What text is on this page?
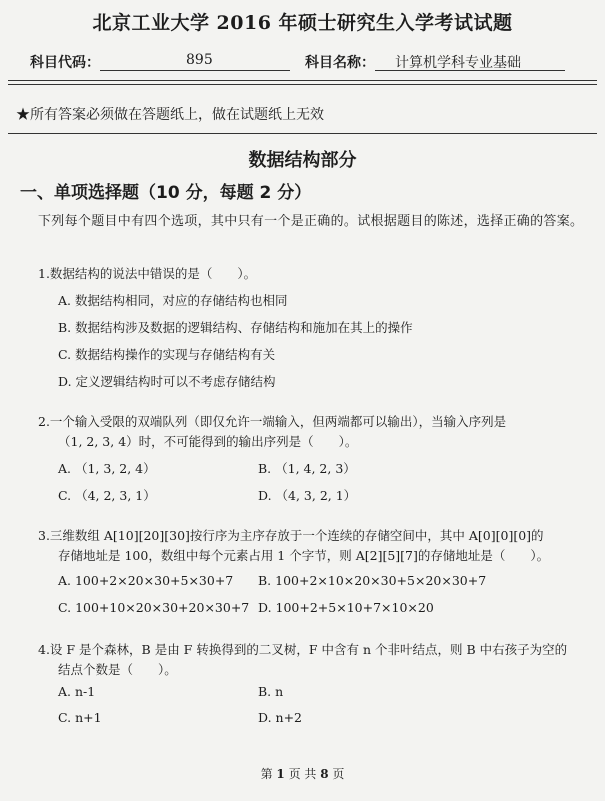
北京工业大学 2016 年硕士研究生入学考试试题
科目代码：	895	科目名称： 计算机学科专业基础
★所有答案必须做在答题纸上，做在试题纸上无效
数据结构部分
一、单项选择题（10 分，每题 2 分）
下列每个题目中有四个选项，其中只有一个是正确的。试根据题目的陈述，选择正确的答案。
1.数据结构的说法中错误的是（　　）。
A. 数据结构相同，对应的存储结构也相同
B. 数据结构涉及数据的逻辑结构、存储结构和施加在其上的操作
C. 数据结构操作的实现与存储结构有关
D. 定义逻辑结构时可以不考虑存储结构
2.一个输入受限的双端队列（即仅允许一端输入，但两端都可以输出），当输入序列是
（1, 2, 3, 4）时，不可能得到的输出序列是（　　）。
A. （1, 3, 2, 4）	B. （1, 4, 2, 3）
C. （4, 2, 3, 1）	D. （4, 3, 2, 1）
3.三维数组 A[10][20][30]按行序为主序存放于一个连续的存储空间中，其中 A[0][0][0]的
存储地址是 100，数组中每个元素占用 1 个字节，则 A[2][5][7]的存储地址是（　　）。
A. 100+2×20×30+5×30+7 B. 100+2×10×20×30+5×20×30+7
C. 100+10×20×30+20×30+7 D. 100+2+5×10+7×10×20
4.设 F 是个森林，B 是由 F 转换得到的二叉树，F 中含有 n 个非叶结点，则 B 中右孩子为空的
结点个数是（　　）。
A. n-1	B. n
C. n+1	D. n+2
第 1 页 共 8 页
